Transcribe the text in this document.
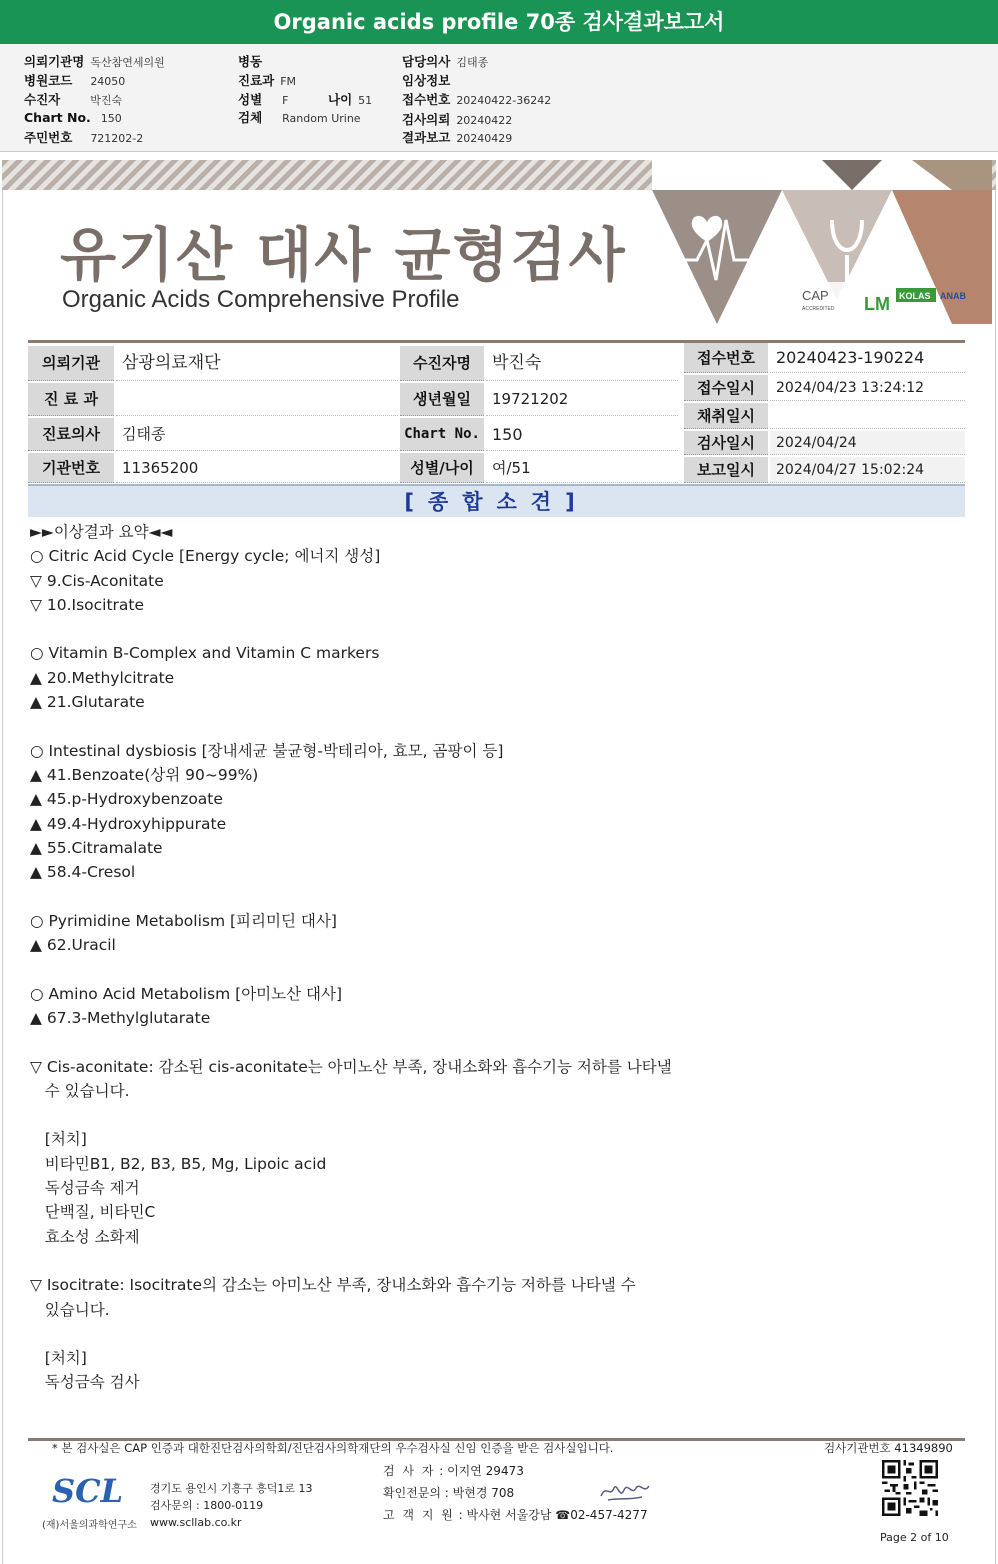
Organic acids profile 70종 검사결과보고서
의뢰기관명 독산참연세의원
병원코드 24050
수진자	박진숙
Chart No. 150
주민번호 721202-2
병동
진료과 FM
성별 F	나이 51
검체 Random Urine
담당의사 김태종
임상정보
접수번호 20240422-36242
검사의뢰 20240422
결과보고 20240429
유기산 대사 균형검사
Organic Acids Comprehensive Profile	CAP
ACCREDITED LM KOLAS ANAB
의뢰기관	삼광의료재단
진 료 과
진료의사	김태종
기관번호	11365200
수진자명	박진숙
생년월일	19721202
Chart No. 150
성별/나이	여/51
접수번호	20240423-190224
접수일시	2024/04/23 13:24:12
채취일시
검사일시	2024/04/24
보고일시	2024/04/27 15:02:24
[종합소견]
►►이상결과 요약◄◄
○ Citric Acid Cycle [Energy cycle; 에너지 생성]
▽ 9.Cis-Aconitate
▽ 10.Isocitrate
○ Vitamin B-Complex and Vitamin C markers
▲ 20.Methylcitrate
▲ 21.Glutarate
○ Intestinal dysbiosis [장내세균 불균형-박테리아, 효모, 곰팡이 등]
▲ 41.Benzoate(상위 90~99%)
▲ 45.p-Hydroxybenzoate
▲ 49.4-Hydroxyhippurate
▲ 55.Citramalate
▲ 58.4-Cresol
○ Pyrimidine Metabolism [피리미딘 대사]
▲ 62.Uracil
○ Amino Acid Metabolism [아미노산 대사]
▲ 67.3-Methylglutarate
▽ Cis-aconitate: 감소된 cis-aconitate는 아미노산 부족, 장내소화와 흡수기능 저하를 나타낼
수 있습니다.
[처치]
비타민B1, B2, B3, B5, Mg, Lipoic acid
독성금속 제거
단백질, 비타민C
효소성 소화제
▽ Isocitrate: Isocitrate의 감소는 아미노산 부족, 장내소화와 흡수기능 저하를 나타낼 수
있습니다.
[처치]
독성금속 검사
* 본 검사실은 CAP 인증과 대한진단검사의학회/진단검사의학재단의 우수검사실 신임 인증을 받은 검사실입니다.	검사기관번호 41349890
SCL
(재)서울의과학연구소
경기도 용인시 기흥구 흥덕1로 13
검사문의 : 1800-0119
www.scllab.co.kr
검 사 자 : 이지연 29473
확인전문의 : 박현경 708
고 객 지 원 : 박사현 서울강남 ☎02-457-4277
Page 2 of 10
